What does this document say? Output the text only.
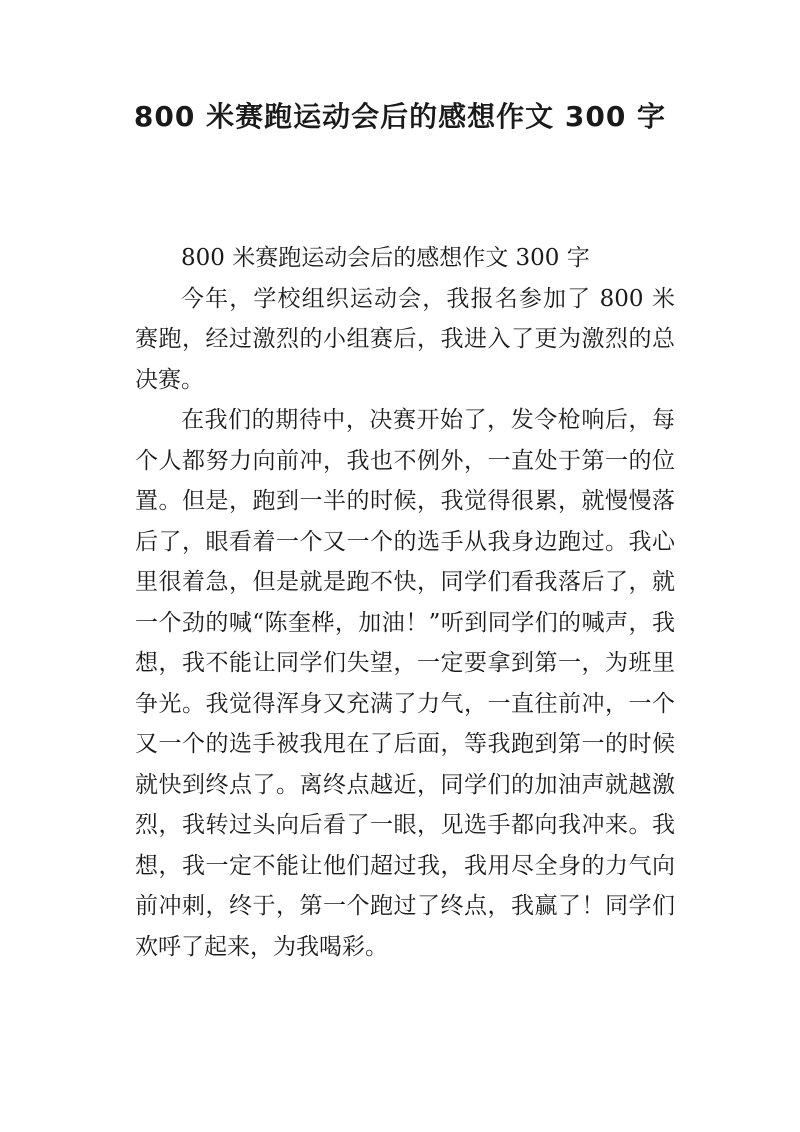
800 米赛跑运动会后的感想作文 300 字

800 米赛跑运动会后的感想作文 300 字

今年，学校组织运动会，我报名参加了 800 米赛跑，经过激烈的小组赛后，我进入了更为激烈的总决赛。

在我们的期待中，决赛开始了，发令枪响后，每个人都努力向前冲，我也不例外，一直处于第一的位置。但是，跑到一半的时候，我觉得很累，就慢慢落后了，眼看着一个又一个的选手从我身边跑过。我心里很着急，但是就是跑不快，同学们看我落后了，就一个劲的喊“陈奎桦，加油！”听到同学们的喊声，我想，我不能让同学们失望，一定要拿到第一，为班里争光。我觉得浑身又充满了力气，一直往前冲，一个又一个的选手被我甩在了后面，等我跑到第一的时候就快到终点了。离终点越近，同学们的加油声就越激烈，我转过头向后看了一眼，见选手都向我冲来。我想，我一定不能让他们超过我，我用尽全身的力气向前冲刺，终于，第一个跑过了终点，我赢了！同学们欢呼了起来，为我喝彩。
